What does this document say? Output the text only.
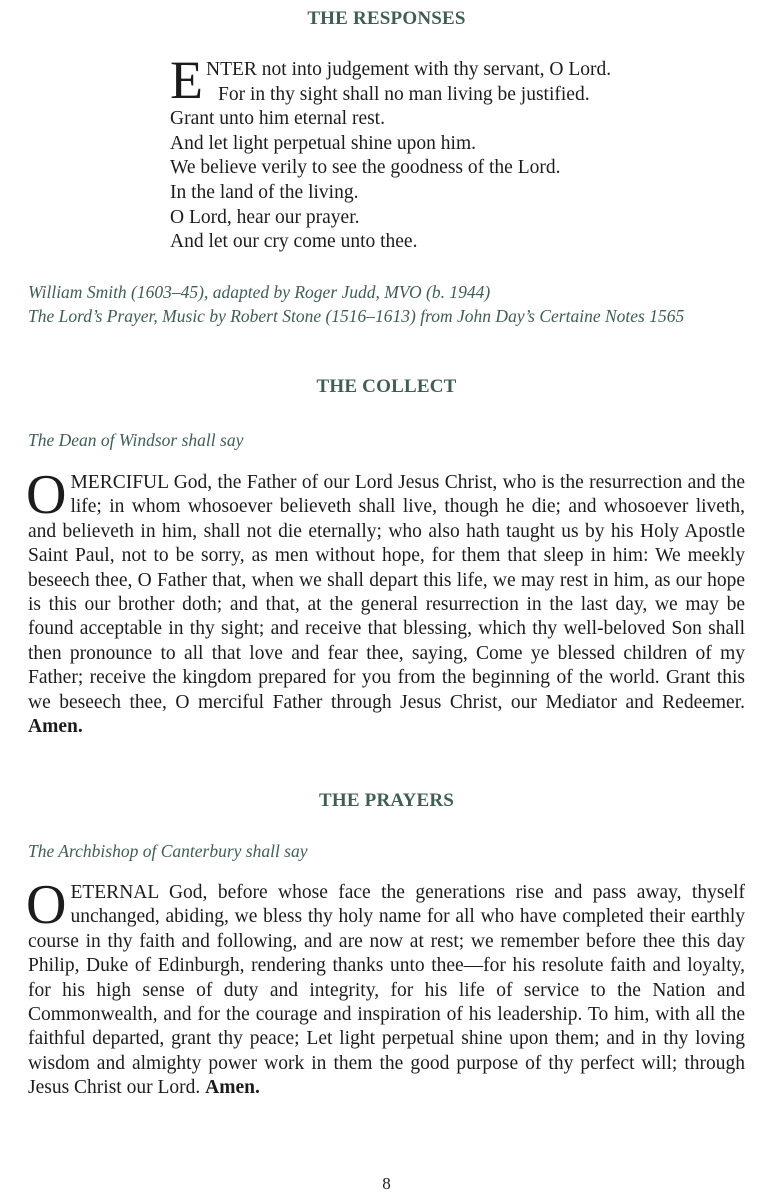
THE RESPONSES
E NTER not into judgement with thy servant, O Lord.
For in thy sight shall no man living be justified.
Grant unto him eternal rest.
And let light perpetual shine upon him.
We believe verily to see the goodness of the Lord.
In the land of the living.
O Lord, hear our prayer.
And let our cry come unto thee.
William Smith (1603–45), adapted by Roger Judd, MVO (b. 1944)
The Lord’s Prayer, Music by Robert Stone (1516–1613) from John Day’s Certaine Notes 1565
THE COLLECT
The Dean of Windsor shall say
O MERCIFUL God, the Father of our Lord Jesus Christ, who is the resurrection and the life; in whom whosoever believeth shall live, though he die; and whosoever liveth, and believeth in him, shall not die eternally; who also hath taught us by his Holy Apostle Saint Paul, not to be sorry, as men without hope, for them that sleep in him: We meekly beseech thee, O Father that, when we shall depart this life, we may rest in him, as our hope is this our brother doth; and that, at the general resurrection in the last day, we may be found acceptable in thy sight; and receive that blessing, which thy well-beloved Son shall then pronounce to all that love and fear thee, saying, Come ye blessed children of my Father; receive the kingdom prepared for you from the beginning of the world. Grant this we beseech thee, O merciful Father through Jesus Christ, our Mediator and Redeemer. Amen.
THE PRAYERS
The Archbishop of Canterbury shall say
O ETERNAL God, before whose face the generations rise and pass away, thyself unchanged, abiding, we bless thy holy name for all who have completed their earthly course in thy faith and following, and are now at rest; we remember before thee this day Philip, Duke of Edinburgh, rendering thanks unto thee—for his resolute faith and loyalty, for his high sense of duty and integrity, for his life of service to the Nation and Commonwealth, and for the courage and inspiration of his leadership. To him, with all the faithful departed, grant thy peace; Let light perpetual shine upon them; and in thy loving wisdom and almighty power work in them the good purpose of thy perfect will; through Jesus Christ our Lord. Amen.
8
